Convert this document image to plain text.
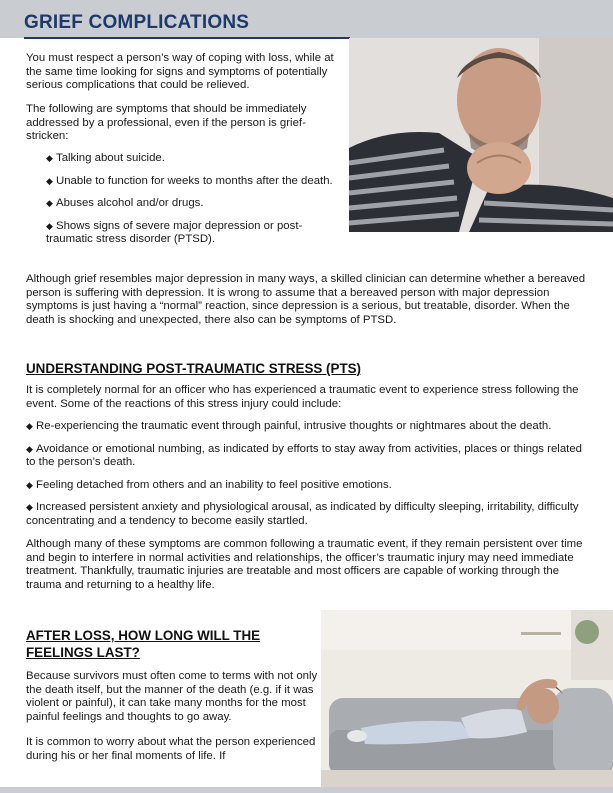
GRIEF COMPLICATIONS

You must respect a person’s way of coping with loss, while at the same time looking for signs and symptoms of potentially serious complications that could be relieved.

The following are symptoms that should be immediately addressed by a professional, even if the person is grief-stricken:

◆ Talking about suicide.
◆ Unable to function for weeks to months after the death.
◆ Abuses alcohol and/or drugs.
◆ Shows signs of severe major depression or post-traumatic stress disorder (PTSD).

Although grief resembles major depression in many ways, a skilled clinician can determine whether a bereaved person is suffering with depression. It is wrong to assume that a bereaved person with major depression symptoms is just having a “normal” reaction, since depression is a serious, but treatable, disorder. When the death is shocking and unexpected, there also can be symptoms of PTSD.

UNDERSTANDING POST-TRAUMATIC STRESS (PTS)

It is completely normal for an officer who has experienced a traumatic event to experience stress following the event. Some of the reactions of this stress injury could include:

◆ Re-experiencing the traumatic event through painful, intrusive thoughts or nightmares about the death.
◆ Avoidance or emotional numbing, as indicated by efforts to stay away from activities, places or things related to the person’s death.
◆ Feeling detached from others and an inability to feel positive emotions.
◆ Increased persistent anxiety and physiological arousal, as indicated by difficulty sleeping, irritability, difficulty concentrating and a tendency to become easily startled.

Although many of these symptoms are common following a traumatic event, if they remain persistent over time and begin to interfere in normal activities and relationships, the officer’s traumatic injury may need immediate treatment. Thankfully, traumatic injuries are treatable and most officers are capable of working through the trauma and returning to a healthy life.

AFTER LOSS, HOW LONG WILL THE FEELINGS LAST?

Because survivors must often come to terms with not only the death itself, but the manner of the death (e.g. if it was violent or painful), it can take many months for the most painful feelings and thoughts to go away.

It is common to worry about what the person experienced during his or her final moments of life. If
